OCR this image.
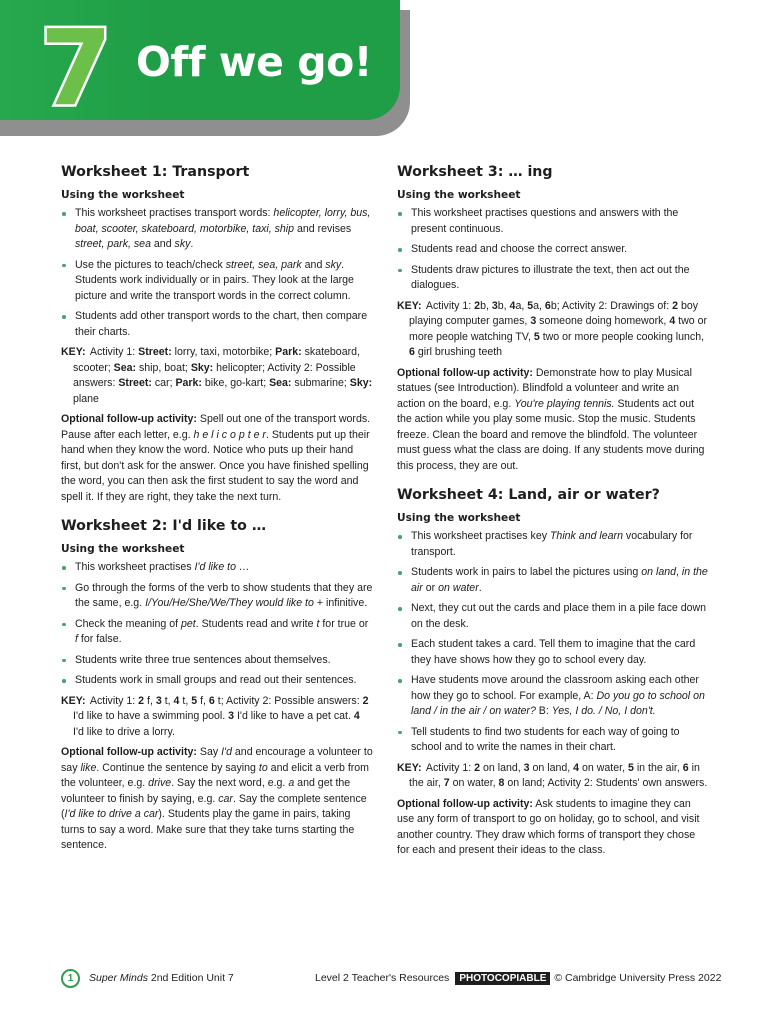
7 Off we go!
Worksheet 1: Transport
Using the worksheet
This worksheet practises transport words: helicopter, lorry, bus, boat, scooter, skateboard, motorbike, taxi, ship and revises street, park, sea and sky.
Use the pictures to teach/check street, sea, park and sky. Students work individually or in pairs. They look at the large picture and write the transport words in the correct column.
Students add other transport words to the chart, then compare their charts.

KEY: Activity 1: Street: lorry, taxi, motorbike; Park: skateboard, scooter; Sea: ship, boat; Sky: helicopter; Activity 2: Possible answers: Street: car; Park: bike, go-kart; Sea: submarine; Sky: plane

Optional follow-up activity: Spell out one of the transport words. Pause after each letter, e.g. h e l i c o p t e r. Students put up their hand when they know the word. Notice who puts up their hand first, but don't ask for the answer. Once you have finished spelling the word, you can then ask the first student to say the word and spell it. If they are right, they take the next turn.

Worksheet 2: I'd like to …
Using the worksheet
This worksheet practises I'd like to …
Go through the forms of the verb to show students that they are the same, e.g. I/You/He/She/We/They would like to + infinitive.
Check the meaning of pet. Students read and write t for true or f for false.
Students write three true sentences about themselves.
Students work in small groups and read out their sentences.

KEY: Activity 1: 2 f, 3 t, 4 t, 5 f, 6 t; Activity 2: Possible answers: 2 I'd like to have a swimming pool. 3 I'd like to have a pet cat. 4 I'd like to drive a lorry.

Optional follow-up activity: Say I'd and encourage a volunteer to say like. Continue the sentence by saying to and elicit a verb from the volunteer, e.g. drive. Say the next word, e.g. a and get the volunteer to finish by saying, e.g. car. Say the complete sentence (I'd like to drive a car). Students play the game in pairs, taking turns to say a word. Make sure that they take turns starting the sentence.

Worksheet 3: … ing
Using the worksheet
This worksheet practises questions and answers with the present continuous.
Students read and choose the correct answer.
Students draw pictures to illustrate the text, then act out the dialogues.

KEY: Activity 1: 2b, 3b, 4a, 5a, 6b; Activity 2: Drawings of: 2 boy playing computer games, 3 someone doing homework, 4 two or more people watching TV, 5 two or more people cooking lunch, 6 girl brushing teeth

Optional follow-up activity: Demonstrate how to play Musical statues (see Introduction). Blindfold a volunteer and write an action on the board, e.g. You're playing tennis. Students act out the action while you play some music. Stop the music. Students freeze. Clean the board and remove the blindfold. The volunteer must guess what the class are doing. If any students move during this process, they are out.

Worksheet 4: Land, air or water?
Using the worksheet
This worksheet practises key Think and learn vocabulary for transport.
Students work in pairs to label the pictures using on land, in the air or on water.
Next, they cut out the cards and place them in a pile face down on the desk.
Each student takes a card. Tell them to imagine that the card they have shows how they go to school every day.
Have students move around the classroom asking each other how they go to school. For example, A: Do you go to school on land / in the air / on water? B: Yes, I do. / No, I don't.
Tell students to find two students for each way of going to school and to write the names in their chart.

KEY: Activity 1: 2 on land, 3 on land, 4 on water, 5 in the air, 6 in the air, 7 on water, 8 on land; Activity 2: Students' own answers.

Optional follow-up activity: Ask students to imagine they can use any form of transport to go on holiday, go to school, and visit another country. They draw which forms of transport they chose for each and present their ideas to the class.

1	Super Minds 2nd Edition Unit 7	Level 2 Teacher's Resources PHOTOCOPIABLE © Cambridge University Press 2022
